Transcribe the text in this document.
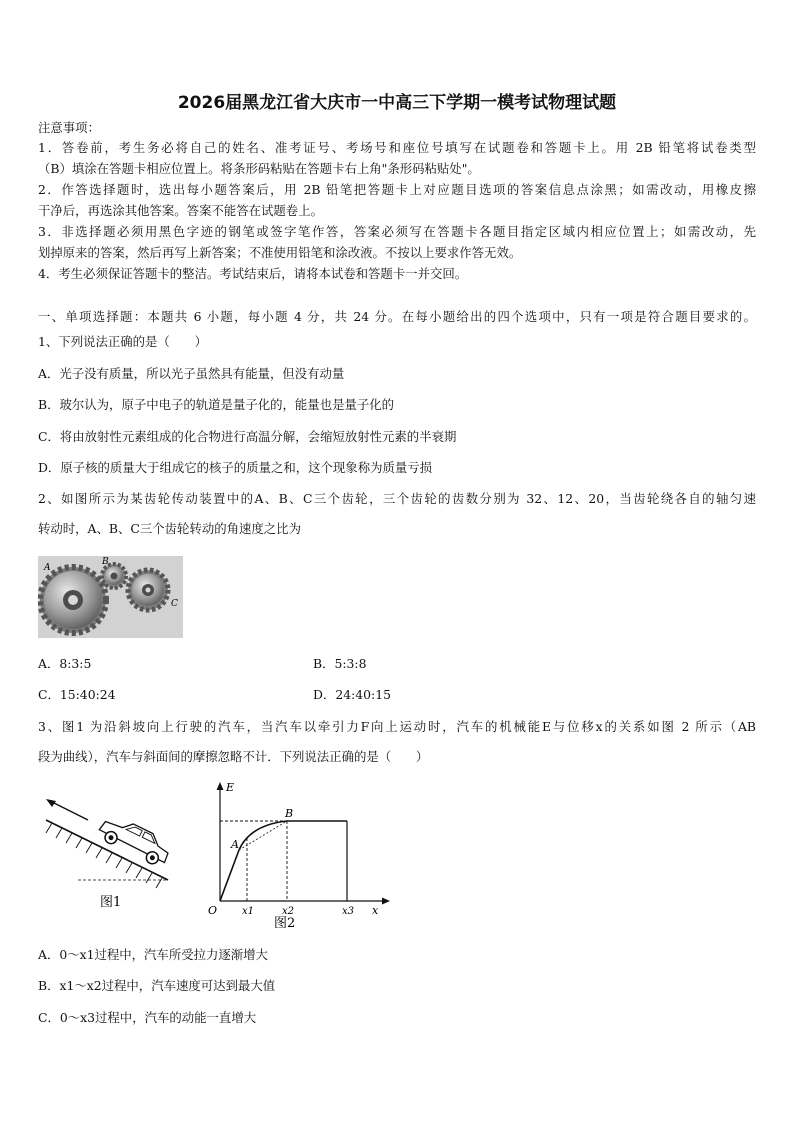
2026届黑龙江省大庆市一中高三下学期一模考试物理试题
注意事项：
1．答卷前，考生务必将自己的姓名、准考证号、考场号和座位号填写在试题卷和答题卡上。用 2B 铅笔将试卷类型
（B）填涂在答题卡相应位置上。将条形码粘贴在答题卡右上角"条形码粘贴处"。
2．作答选择题时，选出每小题答案后，用 2B 铅笔把答题卡上对应题目选项的答案信息点涂黑；如需改动，用橡皮擦
干净后，再选涂其他答案。答案不能答在试题卷上。
3．非选择题必须用黑色字迹的钢笔或签字笔作答，答案必须写在答题卡各题目指定区域内相应位置上；如需改动，先
划掉原来的答案，然后再写上新答案；不准使用铅笔和涂改液。不按以上要求作答无效。
4．考生必须保证答题卡的整洁。考试结束后，请将本试卷和答题卡一并交回。
一、单项选择题：本题共 6 小题，每小题 4 分，共 24 分。在每小题给出的四个选项中，只有一项是符合题目要求的。
1、下列说法正确的是（　　）
A．光子没有质量，所以光子虽然具有能量，但没有动量
B．玻尔认为，原子中电子的轨道是量子化的，能量也是量子化的
C．将由放射性元素组成的化合物进行高温分解，会缩短放射性元素的半衰期
D．原子核的质量大于组成它的核子的质量之和，这个现象称为质量亏损
2、如图所示为某齿轮传动装置中的A、B、C三个齿轮，三个齿轮的齿数分别为 32、12、20，当齿轮绕各自的轴匀速
转动时，A、B、C三个齿轮转动的角速度之比为
A
B
C
A．8:3:5	B．5:3:8
C．15:40:24	D．24:40:15
3、图1 为沿斜坡向上行驶的汽车，当汽车以牵引力F向上运动时，汽车的机械能E与位移x的关系如图 2 所示（AB
段为曲线），汽车与斜面间的摩擦忽略不计．下列说法正确的是（　　）
图1
E
x
O
A
B
x1	x2	x3
图2
A．0～x1过程中，汽车所受拉力逐渐增大
B．x1～x2过程中，汽车速度可达到最大值
C．0～x3过程中，汽车的动能一直增大
